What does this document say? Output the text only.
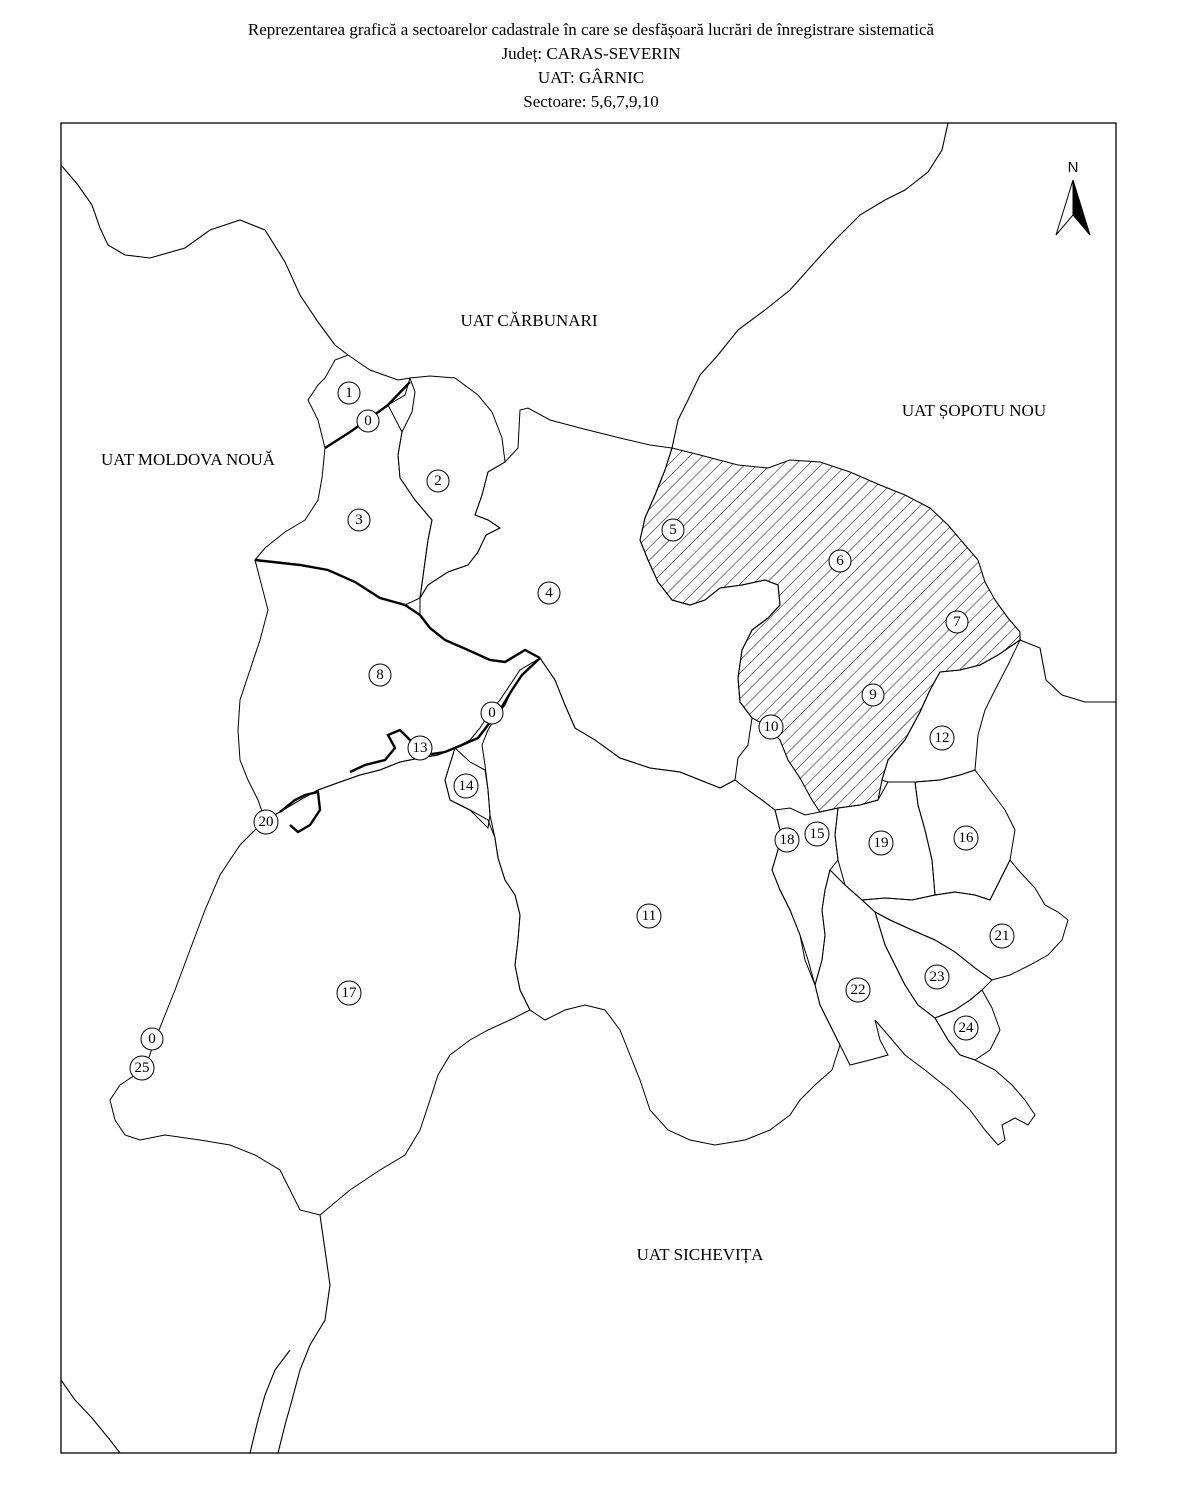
Reprezentarea grafică a sectoarelor cadastrale în care se desfășoară lucrări de înregistrare sistematică
Județ: CARAS-SEVERIN
UAT: GÂRNIC
Sectoare: 5,6,7,9,10
N
UAT CĂRBUNARI
UAT ȘOPOTU NOU
UAT MOLDOVA NOUĂ
UAT SICHEVIȚA
1
0
2
3
4
5
6
7
8
0
9
10
12
13
14
20
18 15
19	16
11
21
17
23
22
24
0
25
